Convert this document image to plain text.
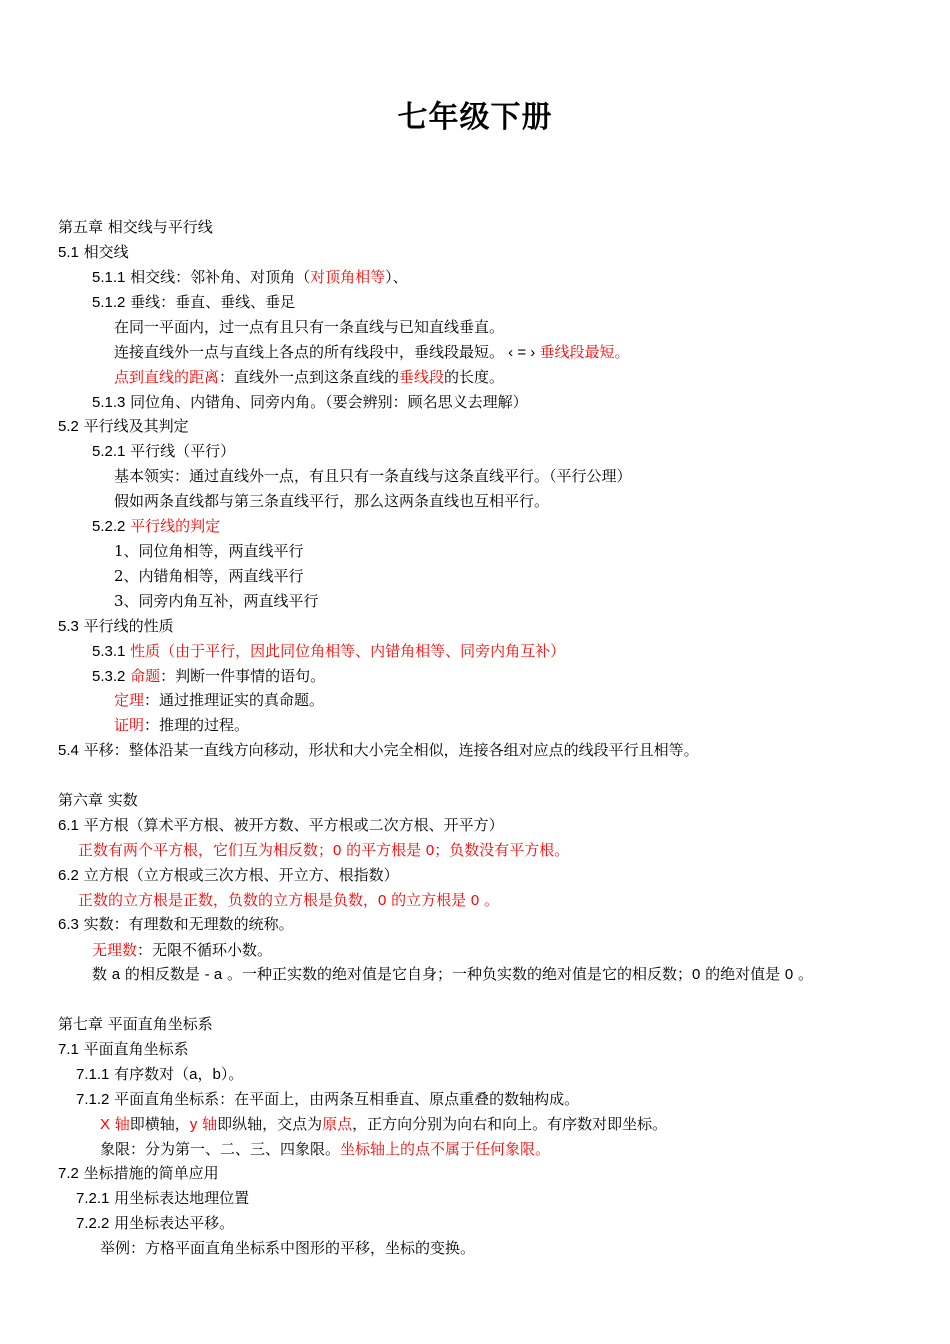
七年级下册
第五章 相交线与平行线
5.1 相交线
5.1.1 相交线：邻补角、对顶角（对顶角相等）、
5.1.2 垂线：垂直、垂线、垂足
在同一平面内，过一点有且只有一条直线与已知直线垂直。
连接直线外一点与直线上各点的所有线段中，垂线段最短。 ‹ = › 垂线段最短。
点到直线的距离：直线外一点到这条直线的垂线段的长度。
5.1.3 同位角、内错角、同旁内角。（要会辨别：顾名思义去理解）
5.2 平行线及其判定
5.2.1 平行线（平行）
基本领实：通过直线外一点，有且只有一条直线与这条直线平行。（平行公理）
假如两条直线都与第三条直线平行，那么这两条直线也互相平行。
5.2.2 平行线的判定
1、同位角相等，两直线平行
2、内错角相等，两直线平行
3、同旁内角互补，两直线平行
5.3 平行线的性质
5.3.1 性质（由于平行，因此同位角相等、内错角相等、同旁内角互补）
5.3.2 命题：判断一件事情的语句。
定理：通过推理证实的真命题。
证明：推理的过程。
5.4 平移：整体沿某一直线方向移动，形状和大小完全相似，连接各组对应点的线段平行且相等。
第六章 实数
6.1 平方根（算术平方根、被开方数、平方根或二次方根、开平方）
正数有两个平方根，它们互为相反数；0 的平方根是 0；负数没有平方根。
6.2 立方根（立方根或三次方根、开立方、根指数）
正数的立方根是正数，负数的立方根是负数，0 的立方根是 0 。
6.3 实数：有理数和无理数的统称。
无理数：无限不循环小数。
数 a 的相反数是 - a 。一种正实数的绝对值是它自身；一种负实数的绝对值是它的相反数；0 的绝对值是 0 。
第七章 平面直角坐标系
7.1 平面直角坐标系
7.1.1 有序数对（a，b）。
7.1.2 平面直角坐标系：在平面上，由两条互相垂直、原点重叠的数轴构成。
X 轴即横轴，y 轴即纵轴，交点为原点，正方向分别为向右和向上。有序数对即坐标。
象限：分为第一、二、三、四象限。坐标轴上的点不属于任何象限。
7.2 坐标措施的简单应用
7.2.1 用坐标表达地理位置
7.2.2 用坐标表达平移。
举例：方格平面直角坐标系中图形的平移，坐标的变换。
